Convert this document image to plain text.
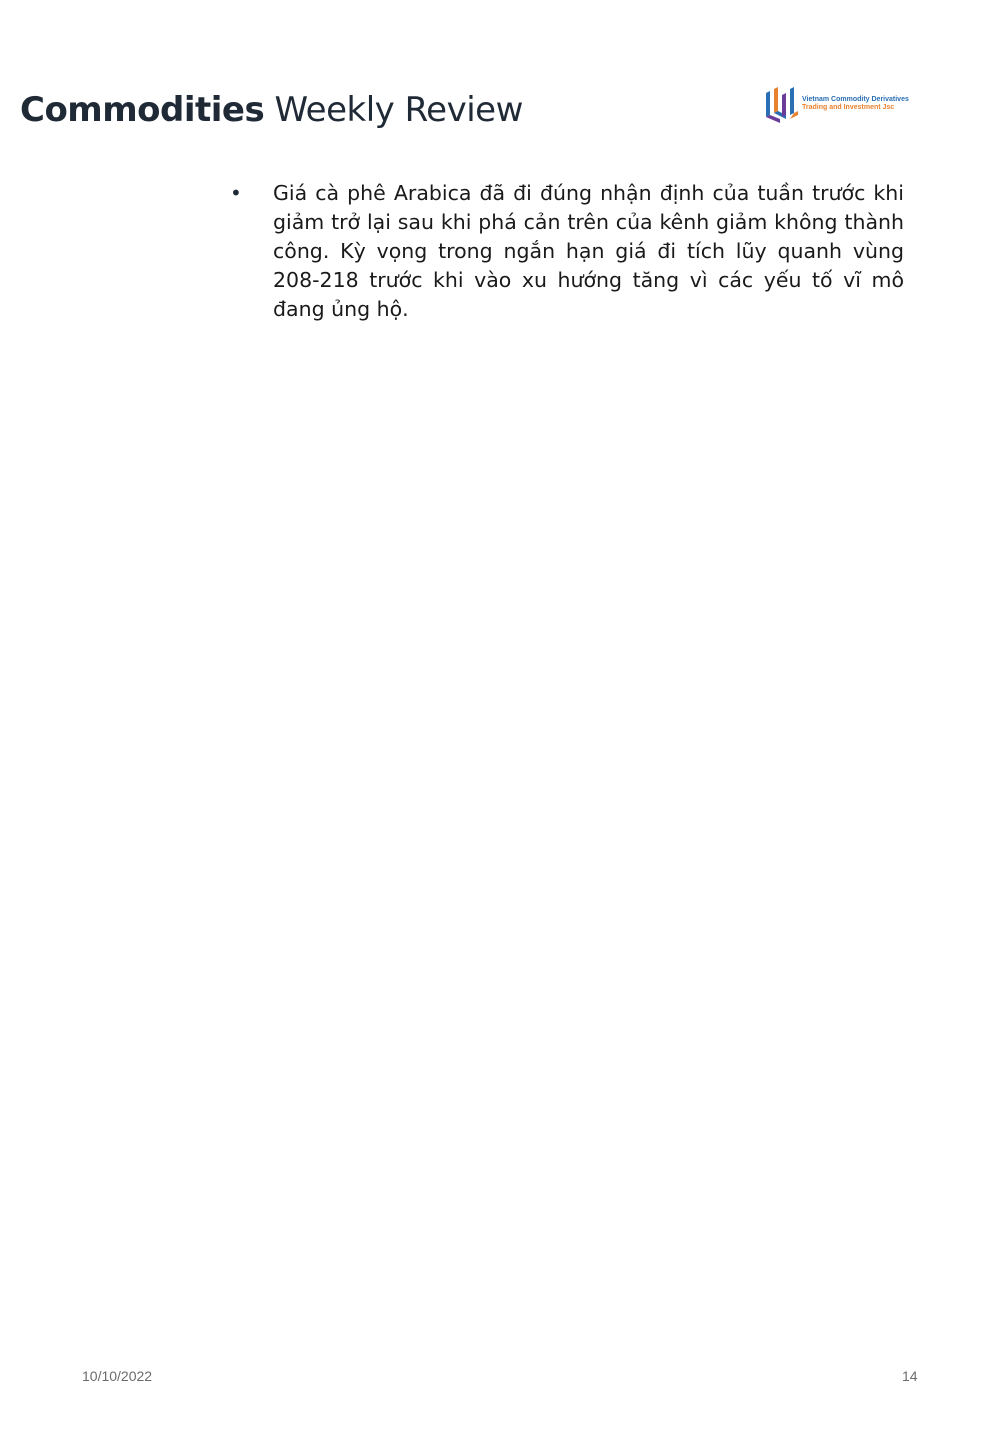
Commodities Weekly Review	Vietnam Commodity Derivatives
Trading and Investment Jsc
•	Giá cà phê Arabica đã đi đúng nhận định của tuần trước khi giảm trở lại sau khi phá cản trên của kênh giảm không thành công. Kỳ vọng trong ngắn hạn giá đi tích lũy quanh vùng 208-218 trước khi vào xu hướng tăng vì các yếu tố vĩ mô đang ủng hộ.
10/10/2022	14
